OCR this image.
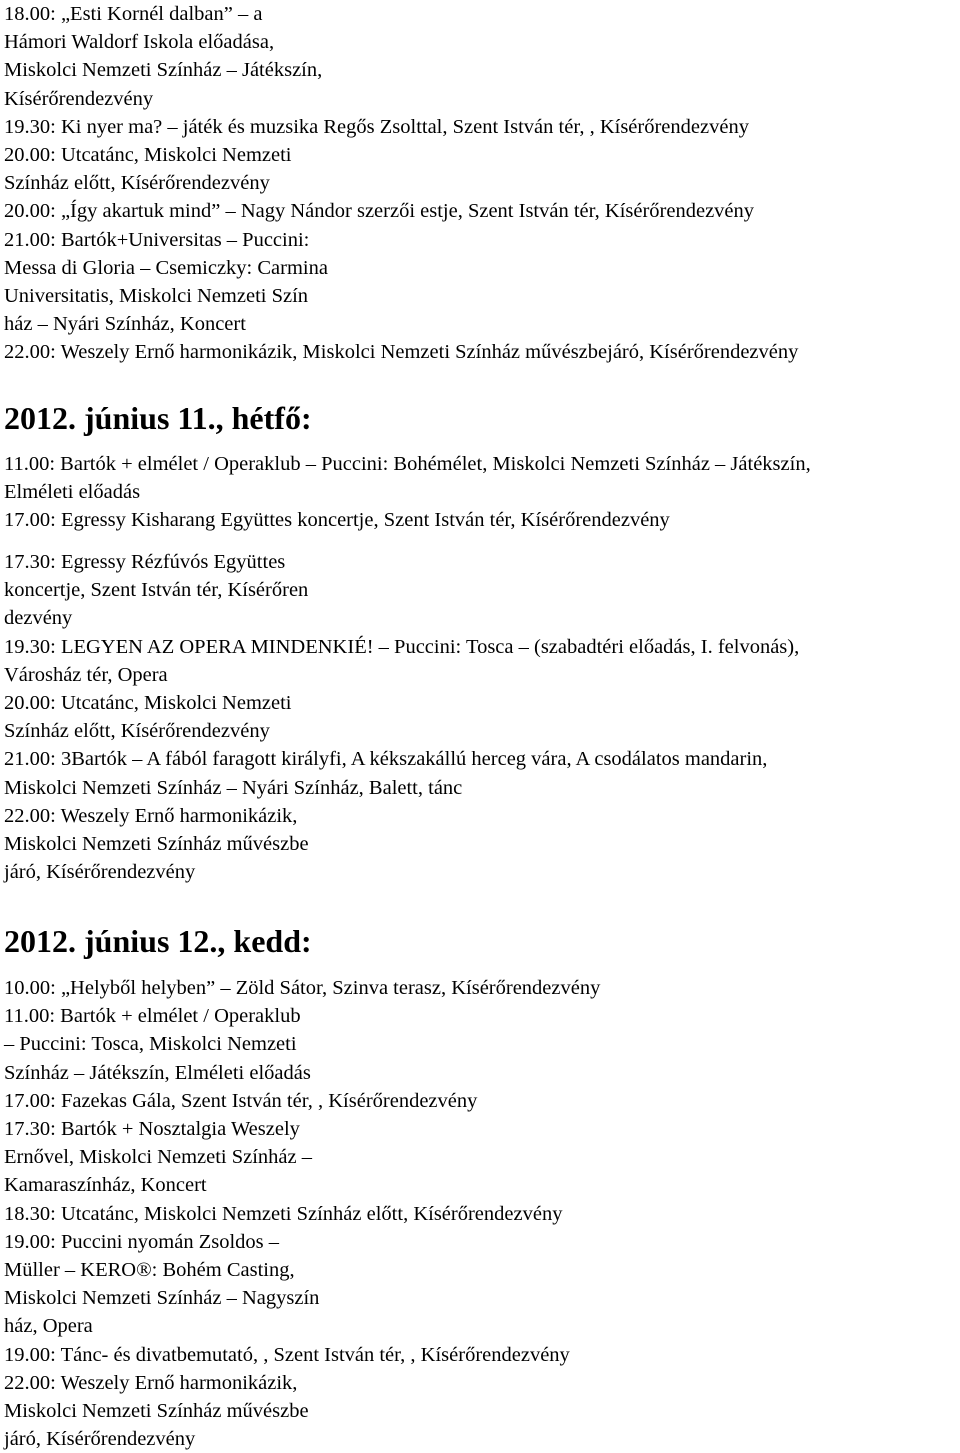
18.00: „Esti Kornél dalban” – a

Hámori Waldorf Iskola előadása,

Miskolci Nemzeti Színház – Játékszín,

Kísérőrendezvény

19.30: Ki nyer ma? – játék és muzsika Regős Zsolttal, Szent István tér, , Kísérőrendezvény

20.00: Utcatánc, Miskolci Nemzeti

Színház előtt, Kísérőrendezvény

20.00: „Így akartuk mind” – Nagy Nándor szerzői estje, Szent István tér, Kísérőrendezvény

21.00: Bartók+Universitas – Puccini:

Messa di Gloria – Csemiczky: Carmina

Universitatis, Miskolci Nemzeti Szín

ház – Nyári Színház, Koncert

22.00: Weszely Ernő harmonikázik, Miskolci Nemzeti Színház művészbejáró, Kísérőrendezvény

2012. június 11., hétfő:

11.00: Bartók + elmélet / Operaklub – Puccini: Bohémélet, Miskolci Nemzeti Színház – Játékszín,

Elméleti előadás

17.00: Egressy Kisharang Együttes koncertje, Szent István tér, Kísérőrendezvény

17.30: Egressy Rézfúvós Együttes

koncertje, Szent István tér, Kísérőren

dezvény

19.30: LEGYEN AZ OPERA MINDENKIÉ! – Puccini: Tosca – (szabadtéri előadás, I. felvonás),

Városház tér, Opera

20.00: Utcatánc, Miskolci Nemzeti

Színház előtt, Kísérőrendezvény

21.00: 3Bartók – A fából faragott királyfi, A kékszakállú herceg vára, A csodálatos mandarin,

Miskolci Nemzeti Színház – Nyári Színház, Balett, tánc

22.00: Weszely Ernő harmonikázik,

Miskolci Nemzeti Színház művészbe

járó, Kísérőrendezvény

2012. június 12., kedd:

10.00: „Helyből helyben” – Zöld Sátor, Szinva terasz, Kísérőrendezvény

11.00: Bartók + elmélet / Operaklub

– Puccini: Tosca, Miskolci Nemzeti

Színház – Játékszín, Elméleti előadás

17.00: Fazekas Gála, Szent István tér, , Kísérőrendezvény

17.30: Bartók + Nosztalgia Weszely

Ernővel, Miskolci Nemzeti Színház –

Kamaraszínház, Koncert

18.30: Utcatánc, Miskolci Nemzeti Színház előtt, Kísérőrendezvény

19.00: Puccini nyomán Zsoldos –

Müller – KERO®: Bohém Casting,

Miskolci Nemzeti Színház – Nagyszín

ház, Opera

19.00: Tánc- és divatbemutató, , Szent István tér, , Kísérőrendezvény

22.00: Weszely Ernő harmonikázik,

Miskolci Nemzeti Színház művészbe

járó, Kísérőrendezvény
